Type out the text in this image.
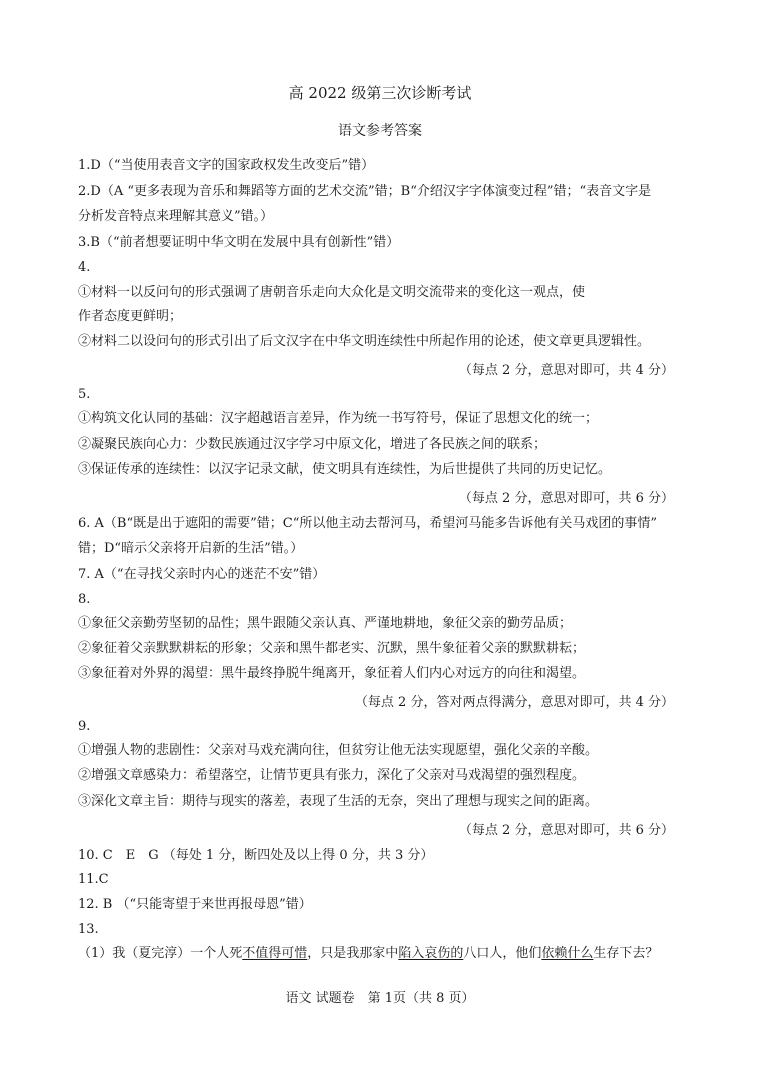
高 2022 级第三次诊断考试
语文参考答案
1.D（“当使用表音文字的国家政权发生改变后”错）
2.D（A “更多表现为音乐和舞蹈等方面的艺术交流”错；B“介绍汉字字体演变过程”错；“表音文字是
分析发音特点来理解其意义”错。）
3.B（“前者想要证明中华文明在发展中具有创新性”错）
4.
①材料一以反问句的形式强调了唐朝音乐走向大众化是文明交流带来的变化这一观点，使
作者态度更鲜明；
②材料二以设问句的形式引出了后文汉字在中华文明连续性中所起作用的论述，使文章更具逻辑性。
（每点 2 分，意思对即可，共 4 分）
5.
①构筑文化认同的基础：汉字超越语言差异，作为统一书写符号，保证了思想文化的统一；
②凝聚民族向心力：少数民族通过汉字学习中原文化，增进了各民族之间的联系；
③保证传承的连续性：以汉字记录文献，使文明具有连续性，为后世提供了共同的历史记忆。
（每点 2 分，意思对即可，共 6 分）
6. A（B“既是出于遮阳的需要”错；C“所以他主动去帮河马，希望河马能多告诉他有关马戏团的事情”
错；D“暗示父亲将开启新的生活”错。）
7. A（“在寻找父亲时内心的迷茫不安”错）
8.
①象征父亲勤劳坚韧的品性；黑牛跟随父亲认真、严谨地耕地，象征父亲的勤劳品质；
②象征着父亲默默耕耘的形象；父亲和黑牛都老实、沉默，黑牛象征着父亲的默默耕耘；
③象征着对外界的渴望：黑牛最终挣脱牛绳离开，象征着人们内心对远方的向往和渴望。
（每点 2 分，答对两点得满分，意思对即可，共 4 分）
9.
①增强人物的悲剧性：父亲对马戏充满向往，但贫穷让他无法实现愿望，强化父亲的辛酸。
②增强文章感染力：希望落空，让情节更具有张力，深化了父亲对马戏渴望的强烈程度。
③深化文章主旨：期待与现实的落差，表现了生活的无奈，突出了理想与现实之间的距离。
（每点 2 分，意思对即可，共 6 分）
10. C　E　G （每处 1 分，断四处及以上得 0 分，共 3 分）
11.C
12. B （“只能寄望于来世再报母恩”错）
13.
（1）我（夏完淳）一个人死不值得可惜，只是我那家中陷入哀伤的八口人，他们依赖什么生存下去？
语文 试题卷　第 1页（共 8 页）
